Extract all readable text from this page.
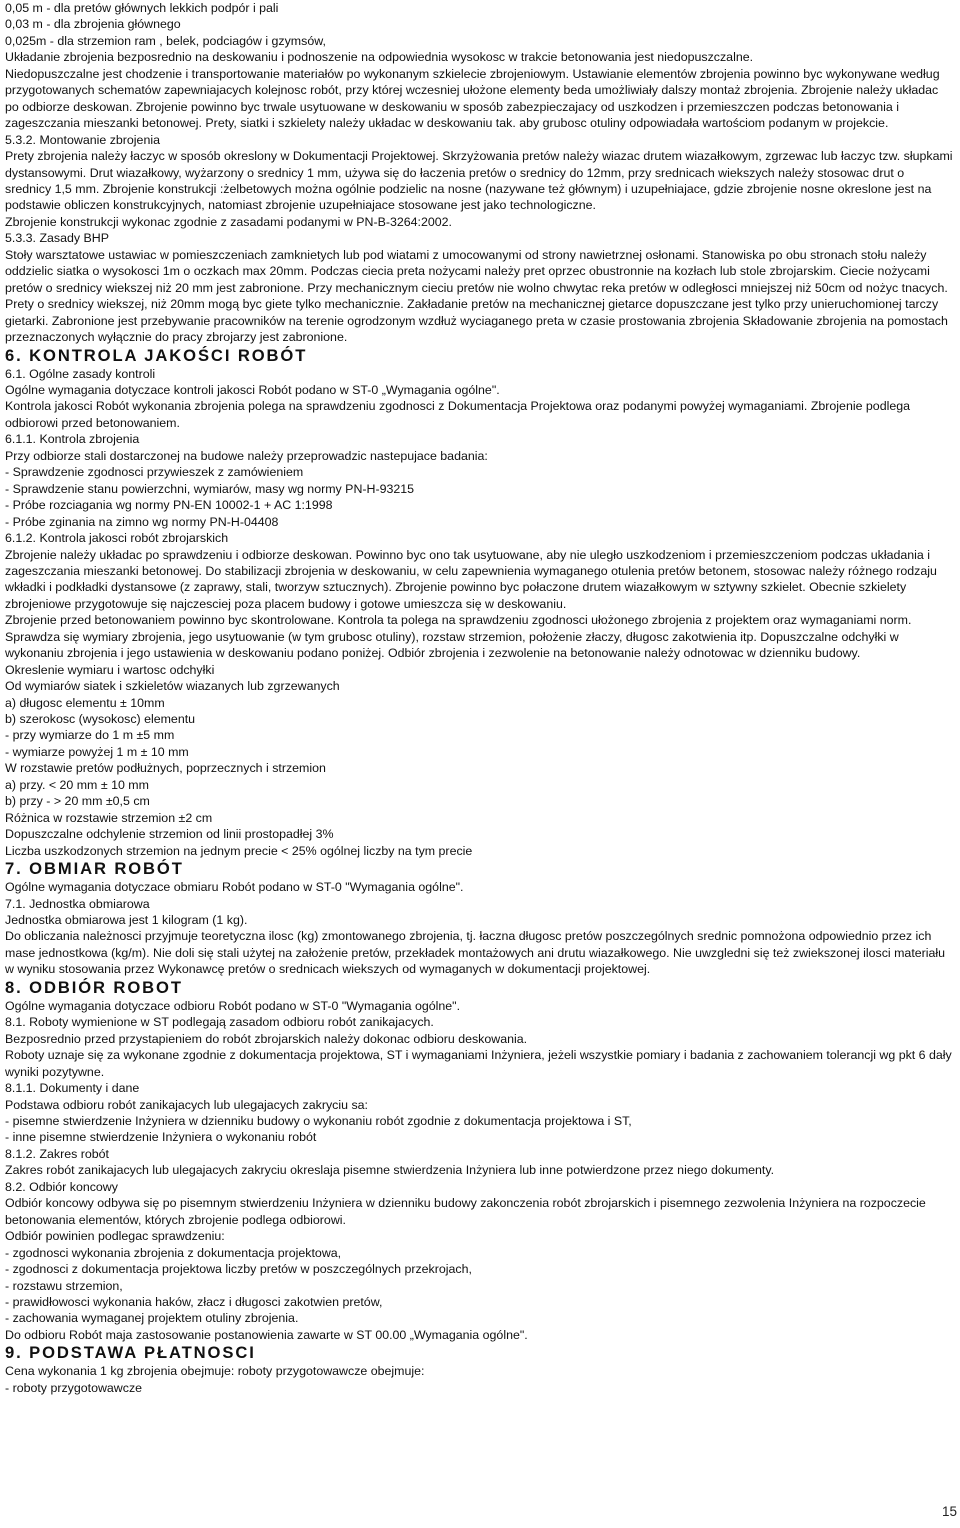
0,05 m - dla pretów głównych lekkich podpór i pali

0,03 m - dla zbrojenia głównego

0,025m - dla strzemion ram , belek, podciagów i gzymsów,

Układanie zbrojenia bezposrednio na deskowaniu i podnoszenie na odpowiednia wysokosc w trakcie betonowania jest niedopuszczalne.

Niedopuszczalne jest chodzenie i transportowanie materiałów po wykonanym szkielecie zbrojeniowym. Ustawianie elementów zbrojenia powinno byc wykonywane według przygotowanych schematów zapewniajacych kolejnosc robót, przy której wczesniej ułożone elementy beda umożliwiały dalszy montaż zbrojenia. Zbrojenie należy układac po odbiorze deskowan. Zbrojenie powinno byc trwale usytuowane w deskowaniu w sposób zabezpieczajacy od uszkodzen i przemieszczen podczas betonowania i zageszczania mieszanki betonowej. Prety, siatki i szkielety należy układac w deskowaniu tak. aby grubosc otuliny odpowiadała wartościom podanym w projekcie.

5.3.2. Montowanie zbrojenia

Prety zbrojenia należy łaczyc w sposób okreslony w Dokumentacji Projektowej. Skrzyżowania pretów należy wiazac drutem wiazałkowym, zgrzewac lub łaczyc tzw. słupkami dystansowymi. Drut wiazałkowy, wyżarzony o srednicy 1 mm, używa się do łaczenia pretów o srednicy do 12mm, przy srednicach wiekszych należy stosowac drut o srednicy 1,5 mm. Zbrojenie konstrukcji :żelbetowych można ogólnie podzielic na nosne (nazywane też głównym) i uzupełniajace, gdzie zbrojenie nosne okreslone jest na podstawie obliczen konstrukcyjnych, natomiast zbrojenie uzupełniajace stosowane jest jako technologiczne.

Zbrojenie konstrukcji wykonac zgodnie z zasadami podanymi w PN-B-3264:2002.

5.3.3. Zasady BHP

Stoły warsztatowe ustawiac w pomieszczeniach zamknietych lub pod wiatami z umocowanymi od strony nawietrznej osłonami. Stanowiska po obu stronach stołu należy oddzielic siatka o wysokosci 1m o oczkach max 20mm. Podczas ciecia preta nożycami należy pret oprzec obustronnie na kozłach lub stole zbrojarskim. Ciecie nożycami pretów o srednicy wiekszej niż 20 mm jest zabronione. Przy mechanicznym cieciu pretów nie wolno chwytac reka pretów w odległosci mniejszej niż 50cm od nożyc tnacych. Prety o srednicy wiekszej, niż 20mm mogą byc giete tylko mechanicznie. Zakładanie pretów na mechanicznej gietarce dopuszczane jest tylko przy unieruchomionej tarczy gietarki. Zabronione jest przebywanie pracowników na terenie ogrodzonym wzdłuż wyciaganego preta w czasie prostowania zbrojenia Składowanie zbrojenia na pomostach przeznaczonych wyłącznie do pracy zbrojarzy jest zabronione.

6. KONTROLA JAKOŚCI ROBÓT

6.1. Ogólne zasady kontroli

Ogólne wymagania dotyczace kontroli jakosci Robót podano w ST-0 „Wymagania ogólne".

Kontrola jakosci Robót wykonania zbrojenia polega na sprawdzeniu zgodnosci z Dokumentacja Projektowa oraz podanymi powyżej wymaganiami. Zbrojenie podlega odbiorowi przed betonowaniem.

6.1.1. Kontrola zbrojenia

Przy odbiorze stali dostarczonej na budowe należy przeprowadzic nastepujace badania:

- Sprawdzenie zgodnosci przywieszek z zamówieniem

- Sprawdzenie stanu powierzchni, wymiarów, masy wg normy PN-H-93215

- Próbe rozciagania wg normy PN-EN 10002-1 + AC 1:1998

- Próbe zginania na zimno wg normy PN-H-04408

6.1.2. Kontrola jakosci robót zbrojarskich

Zbrojenie należy układac po sprawdzeniu i odbiorze deskowan. Powinno byc ono tak usytuowane, aby nie uległo uszkodzeniom i przemieszczeniom podczas układania i zageszczania mieszanki betonowej. Do stabilizacji zbrojenia w deskowaniu, w celu zapewnienia wymaganego otulenia pretów betonem, stosowac należy różnego rodzaju wkładki i podkładki dystansowe (z zaprawy, stali, tworzyw sztucznych). Zbrojenie powinno byc połaczone drutem wiazałkowym w sztywny szkielet. Obecnie szkielety zbrojeniowe przygotowuje się najczesciej poza placem budowy i gotowe umieszcza się w deskowaniu.

Zbrojenie przed betonowaniem powinno byc skontrolowane. Kontrola ta polega na sprawdzeniu zgodnosci ułożonego zbrojenia z projektem oraz wymaganiami norm. Sprawdza się wymiary zbrojenia, jego usytuowanie (w tym grubosc otuliny), rozstaw strzemion, położenie złaczy, długosc zakotwienia itp. Dopuszczalne odchyłki w wykonaniu zbrojenia i jego ustawienia w deskowaniu podano poniżej. Odbiór zbrojenia i zezwolenie na betonowanie należy odnotowac w dzienniku budowy.

Okreslenie wymiaru i wartosc odchyłki

Od wymiarów siatek i szkieletów wiazanych lub zgrzewanych

a) długosc elementu ± 10mm

b) szerokosc (wysokosc) elementu

- przy wymiarze do 1 m ±5 mm

- wymiarze powyżej 1 m ± 10 mm

W rozstawie pretów podłużnych, poprzecznych i strzemion

a) przy. < 20 mm ± 10 mm

b) przy - > 20 mm ±0,5 cm

Różnica w rozstawie strzemion ±2 cm

Dopuszczalne odchylenie strzemion od linii prostopadłej 3%

Liczba uszkodzonych strzemion na jednym precie < 25% ogólnej liczby na tym precie

7. OBMIAR ROBÓT

Ogólne wymagania dotyczace obmiaru Robót podano w ST-0 "Wymagania ogólne".

7.1. Jednostka obmiarowa

Jednostka obmiarowa jest 1 kilogram (1 kg).

Do obliczania należnosci przyjmuje teoretyczna ilosc (kg) zmontowanego zbrojenia, tj. łaczna długosc pretów poszczególnych srednic pomnożona odpowiednio przez ich mase jednostkowa (kg/m). Nie doli się stali użytej na założenie pretów, przekładek montażowych ani drutu wiazałkowego. Nie uwzgledni się też zwiekszonej ilosci materiału w wyniku stosowania przez Wykonawcę pretów o srednicach wiekszych od wymaganych w dokumentacji projektowej.

8. ODBIÓR ROBOT

Ogólne wymagania dotyczace odbioru Robót podano w ST-0 "Wymagania ogólne".

8.1. Roboty wymienione w ST podlegają zasadom odbioru robót zanikajacych.

Bezposrednio przed przystapieniem do robót zbrojarskich należy dokonac odbioru deskowania.

Roboty uznaje się za wykonane zgodnie z dokumentacja projektowa, ST i wymaganiami Inżyniera, jeżeli wszystkie pomiary i badania z zachowaniem tolerancji wg pkt 6 dały wyniki pozytywne.

8.1.1. Dokumenty i dane

Podstawa odbioru robót zanikajacych lub ulegajacych zakryciu sa:

- pisemne stwierdzenie Inżyniera w dzienniku budowy o wykonaniu robót zgodnie z dokumentacja projektowa i ST,

- inne pisemne stwierdzenie Inżyniera o wykonaniu robót

8.1.2. Zakres robót

Zakres robót zanikajacych lub ulegajacych zakryciu okreslaja pisemne stwierdzenia Inżyniera lub inne potwierdzone przez niego dokumenty.

8.2. Odbiór koncowy

Odbiór koncowy odbywa się po pisemnym stwierdzeniu Inżyniera w dzienniku budowy zakonczenia robót zbrojarskich i pisemnego zezwolenia Inżyniera na rozpoczecie betonowania elementów, których zbrojenie podlega odbiorowi.

Odbiór powinien podlegac sprawdzeniu:

- zgodnosci wykonania zbrojenia z dokumentacja projektowa,

- zgodnosci z dokumentacja projektowa liczby pretów w poszczególnych przekrojach,

- rozstawu strzemion,

- prawidłowosci wykonania haków, złacz i długosci zakotwien pretów,

- zachowania wymaganej projektem otuliny zbrojenia.

Do odbioru Robót maja zastosowanie postanowienia zawarte w ST 00.00 „Wymagania ogólne".

9. PODSTAWA PŁATNOSCI

Cena wykonania 1 kg zbrojenia obejmuje: roboty przygotowawcze obejmuje:

- roboty przygotowawcze

15
